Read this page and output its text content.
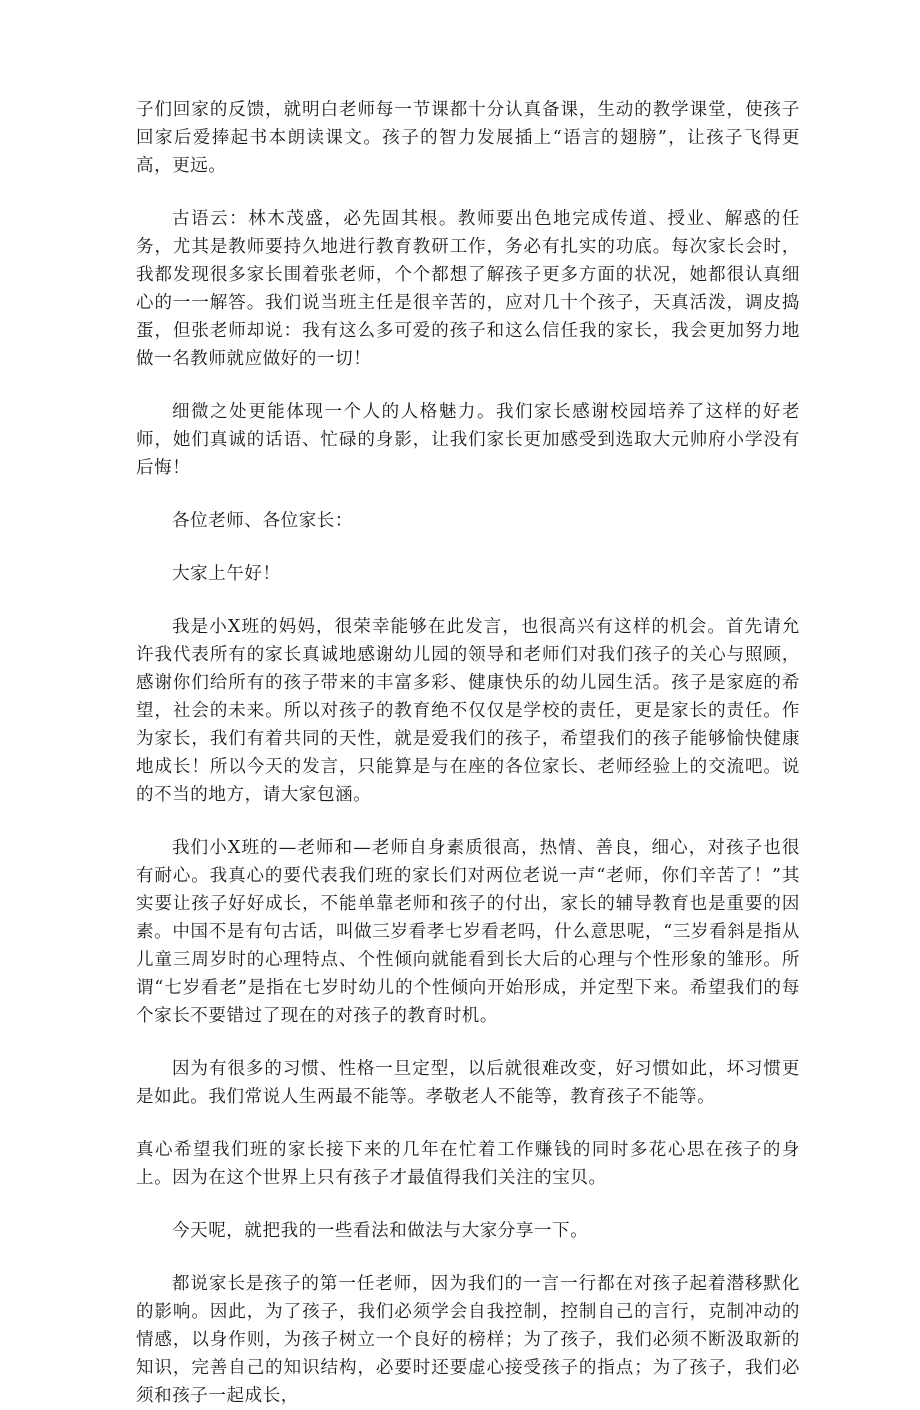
子们回家的反馈，就明白老师每一节课都十分认真备课，生动的教学课堂，使孩子回家后爱捧起书本朗读课文。孩子的智力发展插上“语言的翅膀”，让孩子飞得更高，更远。

古语云：林木茂盛，必先固其根。教师要出色地完成传道、授业、解惑的任务，尤其是教师要持久地进行教育教研工作，务必有扎实的功底。每次家长会时，我都发现很多家长围着张老师，个个都想了解孩子更多方面的状况，她都很认真细心的一一解答。我们说当班主任是很辛苦的，应对几十个孩子，天真活泼，调皮捣蛋，但张老师却说：我有这么多可爱的孩子和这么信任我的家长，我会更加努力地做一名教师就应做好的一切！

细微之处更能体现一个人的人格魅力。我们家长感谢校园培养了这样的好老师，她们真诚的话语、忙碌的身影，让我们家长更加感受到选取大元帅府小学没有后悔！

各位老师、各位家长：

大家上午好！

我是小X班的妈妈，很荣幸能够在此发言，也很高兴有这样的机会。首先请允许我代表所有的家长真诚地感谢幼儿园的领导和老师们对我们孩子的关心与照顾，感谢你们给所有的孩子带来的丰富多彩、健康快乐的幼儿园生活。孩子是家庭的希望，社会的未来。所以对孩子的教育绝不仅仅是学校的责任，更是家长的责任。作为家长，我们有着共同的天性，就是爱我们的孩子，希望我们的孩子能够愉快健康地成长！所以今天的发言，只能算是与在座的各位家长、老师经验上的交流吧。说的不当的地方，请大家包涵。

我们小X班的—老师和—老师自身素质很高，热情、善良，细心，对孩子也很有耐心。我真心的要代表我们班的家长们对两位老说一声“老师，你们辛苦了！”其实要让孩子好好成长，不能单靠老师和孩子的付出，家长的辅导教育也是重要的因素。中国不是有句古话，叫做三岁看孝七岁看老吗，什么意思呢，“三岁看斜是指从儿童三周岁时的心理特点、个性倾向就能看到长大后的心理与个性形象的雏形。所谓“七岁看老”是指在七岁时幼儿的个性倾向开始形成，并定型下来。希望我们的每个家长不要错过了现在的对孩子的教育时机。

因为有很多的习惯、性格一旦定型，以后就很难改变，好习惯如此，坏习惯更是如此。我们常说人生两最不能等。孝敬老人不能等，教育孩子不能等。

真心希望我们班的家长接下来的几年在忙着工作赚钱的同时多花心思在孩子的身上。因为在这个世界上只有孩子才最值得我们关注的宝贝。

今天呢，就把我的一些看法和做法与大家分享一下。

都说家长是孩子的第一任老师，因为我们的一言一行都在对孩子起着潜移默化的影响。因此，为了孩子，我们必须学会自我控制，控制自己的言行，克制冲动的情感，以身作则，为孩子树立一个良好的榜样；为了孩子，我们必须不断汲取新的知识，完善自己的知识结构，必要时还要虚心接受孩子的指点；为了孩子，我们必须和孩子一起成长，
